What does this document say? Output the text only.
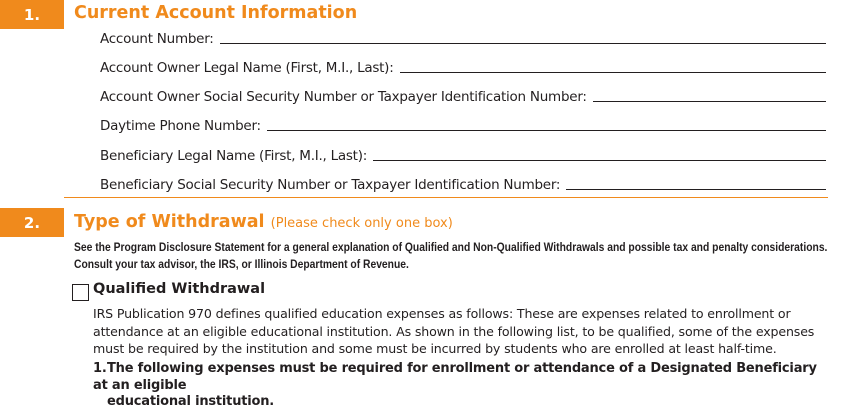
1. Current Account Information
Account Number:
Account Owner Legal Name (First, M.I., Last):
Account Owner Social Security Number or Taxpayer Identification Number:
Daytime Phone Number:
Beneficiary Legal Name (First, M.I., Last):
Beneficiary Social Security Number or Taxpayer Identification Number:
2. Type of Withdrawal (Please check only one box)
See the Program Disclosure Statement for a general explanation of Qualified and Non-Qualified Withdrawals and possible tax and penalty considerations. Consult your tax advisor, the IRS, or Illinois Department of Revenue.
Qualified Withdrawal
IRS Publication 970 defines qualified education expenses as follows: These are expenses related to enrollment or attendance at an eligible educational institution. As shown in the following list, to be qualified, some of the expenses must be required by the institution and some must be incurred by students who are enrolled at least half-time.
1.The following expenses must be required for enrollment or attendance of a Designated Beneficiary at an eligible
educational institution.
